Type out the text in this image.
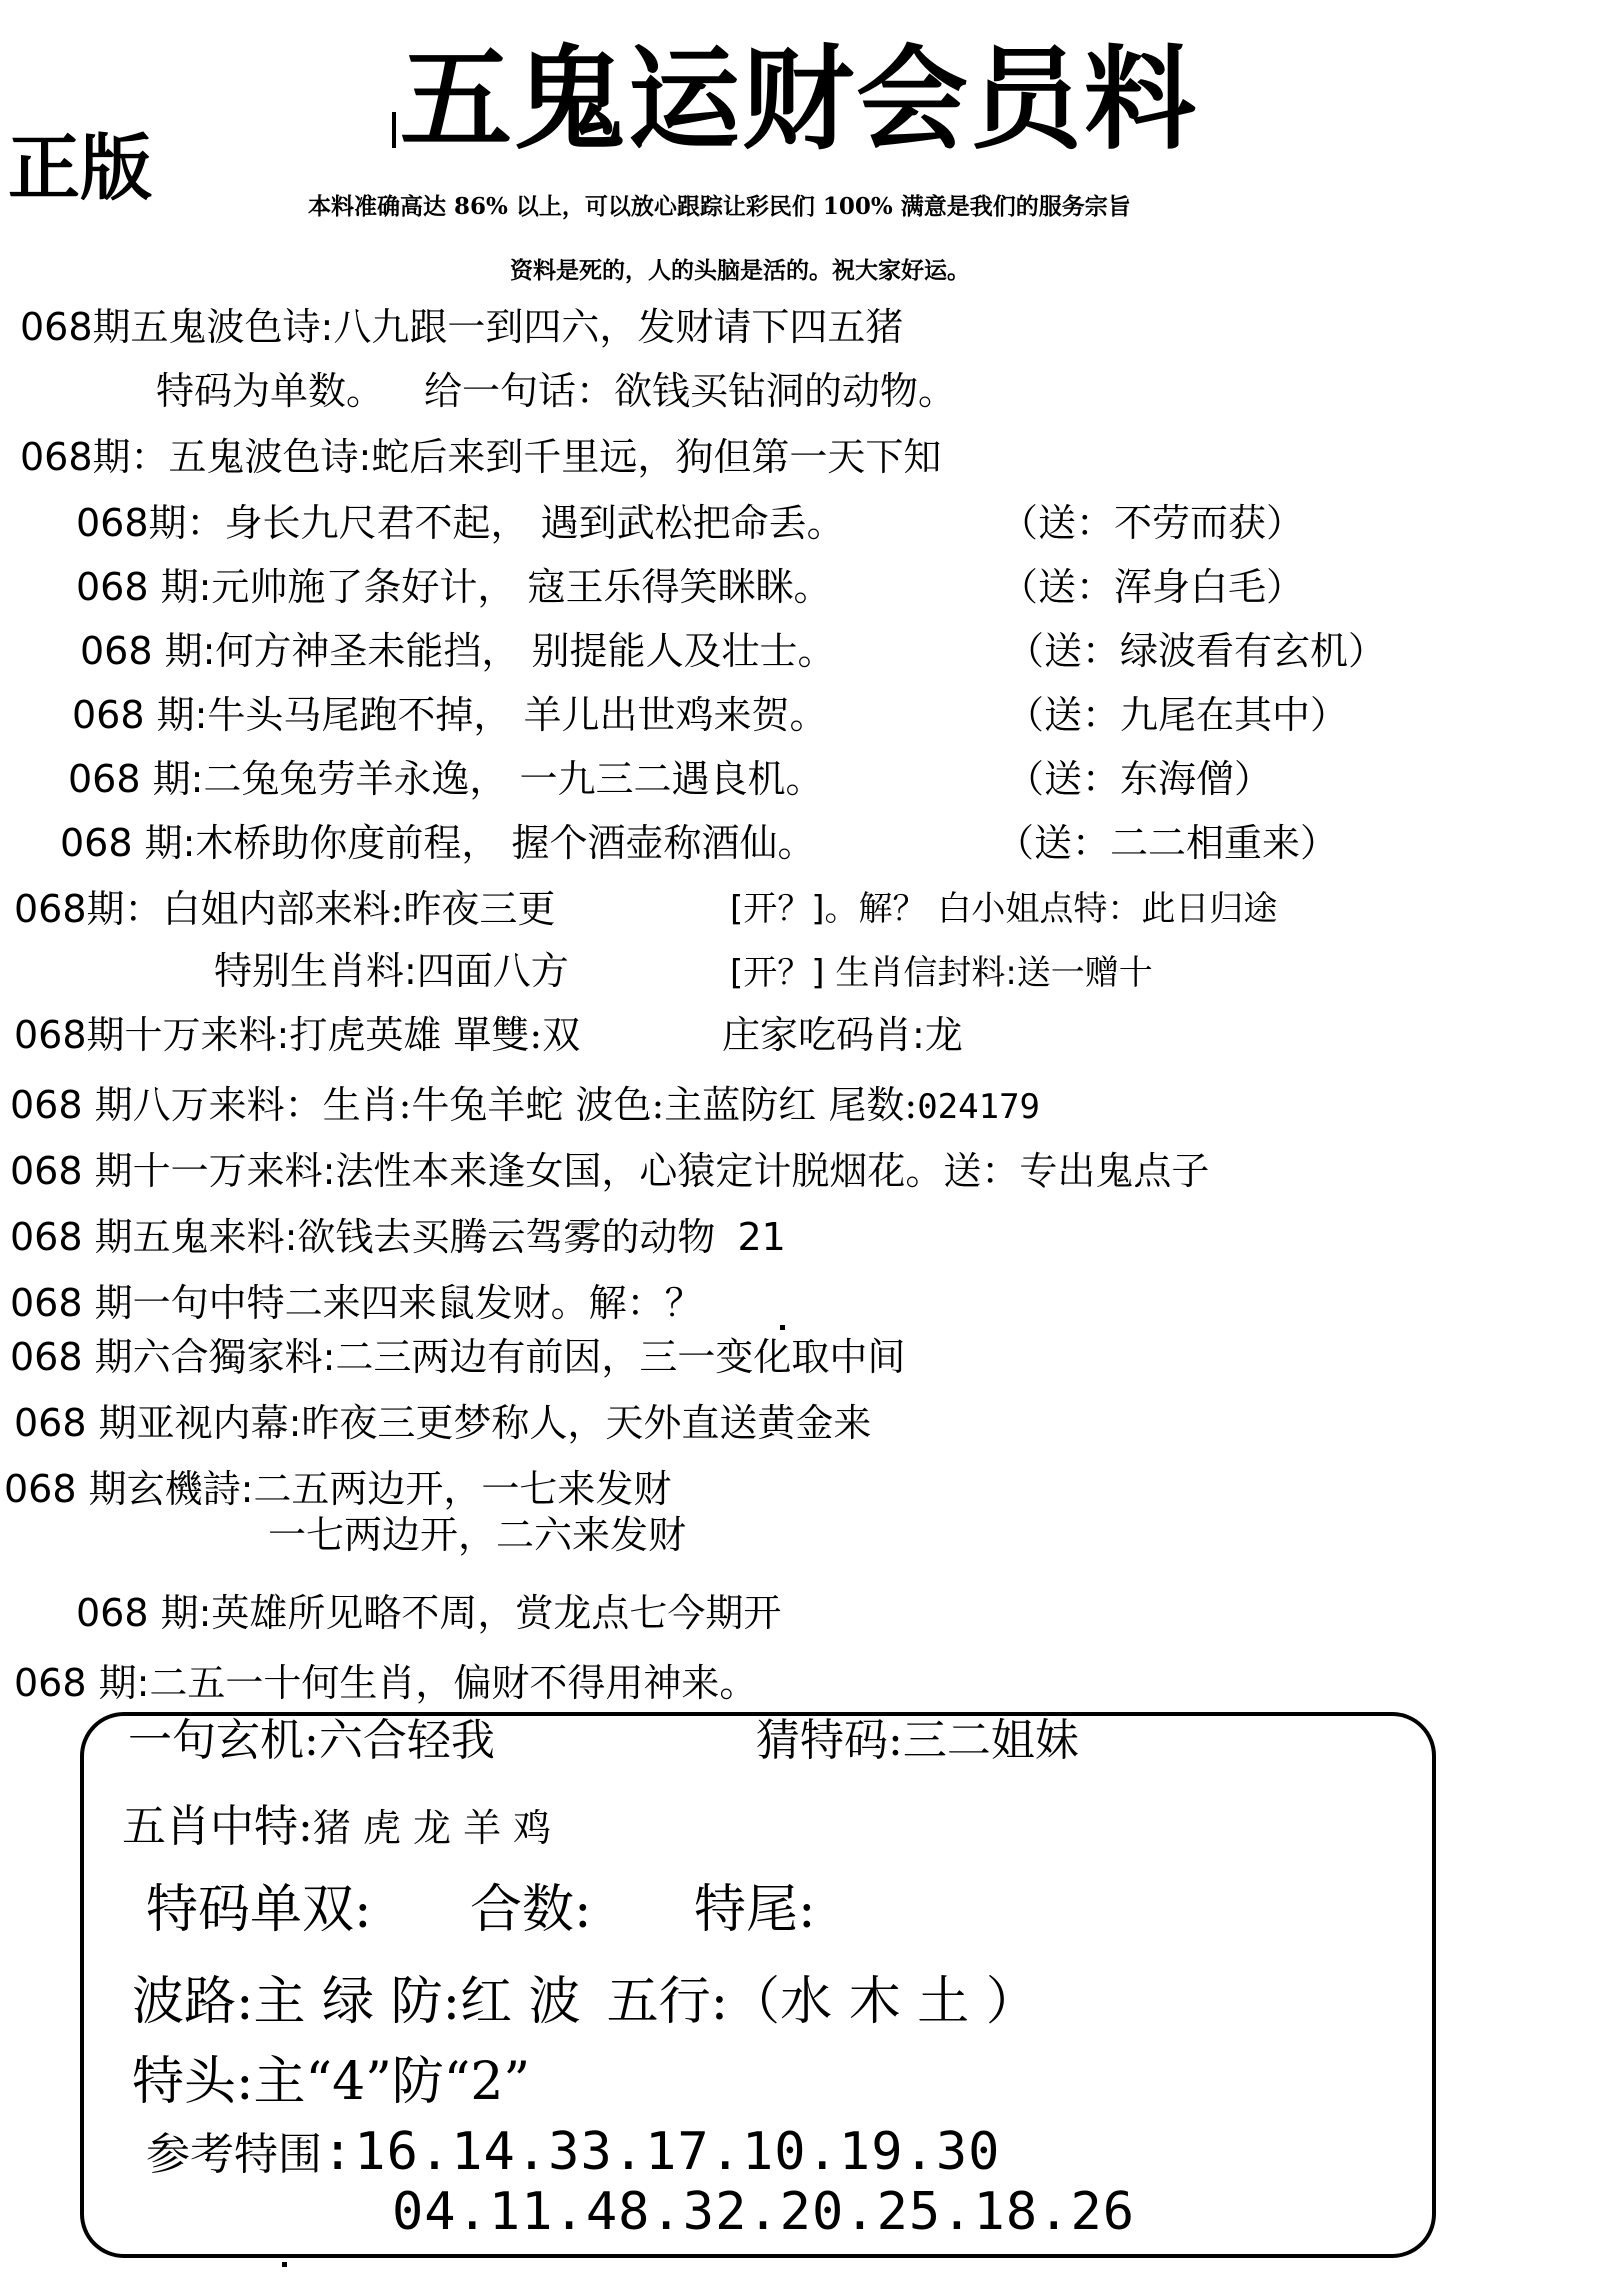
五鬼运财会员料
正版	本料准确高达 86% 以上，可以放心跟踪让彩民们 100% 满意是我们的服务宗旨
资料是死的，人的头脑是活的。祝大家好运。
068期五鬼波色诗:八九跟一到四六，发财请下四五猪
特码为单数。 给一句话：欲钱买钻洞的动物。
068期：五鬼波色诗:蛇后来到千里远，狗但第一天下知
068期：身长九尺君不起， 遇到武松把命丢。	（送：不劳而获）
068 期:元帅施了条好计， 寇王乐得笑眯眯。	（送：浑身白毛）
068 期:何方神圣未能挡， 别提能人及壮士。	（送：绿波看有玄机）
068 期:牛头马尾跑不掉， 羊儿出世鸡来贺。	（送：九尾在其中）
068 期:二兔兔劳羊永逸， 一九三二遇良机。	（送：东海僧）
068 期:木桥助你度前程， 握个酒壶称酒仙。	（送：二二相重来）
068期：白姐内部来料:昨夜三更	[开？]。解？ 白小姐点特：此日归途
特别生肖料:四面八方	[开？] 生肖信封料:送一赠十
068期十万来料:打虎英雄 單雙:双	庄家吃码肖:龙
068 期八万来料：生肖:牛兔羊蛇 波色:主蓝防红 尾数:024179
068 期十一万来料:法性本来逢女国，心猿定计脱烟花。送：专出鬼点子
068 期五鬼来料:欲钱去买腾云驾雾的动物 21
068 期一句中特二来四来鼠发财。解：？
068 期六合獨家料:二三两边有前因，三一变化取中间
068 期亚视内幕:昨夜三更梦称人，天外直送黄金来
068 期玄機詩:二五两边开，一七来发财
一七两边开，二六来发财
068 期:英雄所见略不周，赏龙点七今期开
068 期:二五一十何生肖，偏财不得用神来。
一句玄机:六合轻我	猜特码:三二姐妹
五肖中特:猪 虎 龙 羊 鸡
特码单双: 合数: 特尾:
波路:主 绿 防:红 波 五行:（水 木 土 ）
特头:主“4”防“2”
参考特围:16.14.33.17.10.19.30
04.11.48.32.20.25.18.26
